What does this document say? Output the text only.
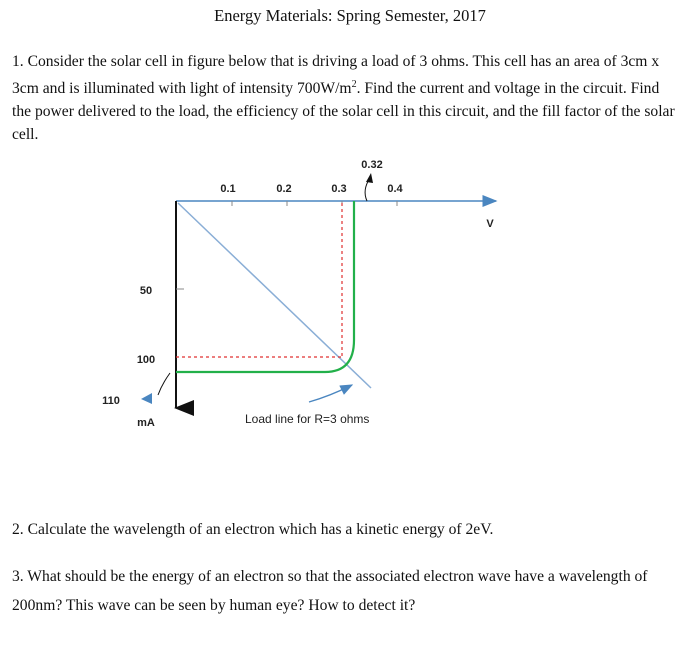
Energy Materials: Spring Semester, 2017
1. Consider the solar cell in figure below that is driving a load of 3 ohms. This cell has an area of 3cm x 3cm and is illuminated with light of intensity $700W/m^2$. Find the current and voltage in the circuit. Find the power delivered to the load, the efficiency of the solar cell in this circuit, and the fill factor of the solar cell.
0.1	0.2	0.3	0.4
0.32
V
50
100
110
mA	Load line for R=3 ohms
2. Calculate the wavelength of an electron which has a kinetic energy of 2eV.
3. What should be the energy of an electron so that the associated electron wave have a wavelength of 200nm? This wave can be seen by human eye? How to detect it?
